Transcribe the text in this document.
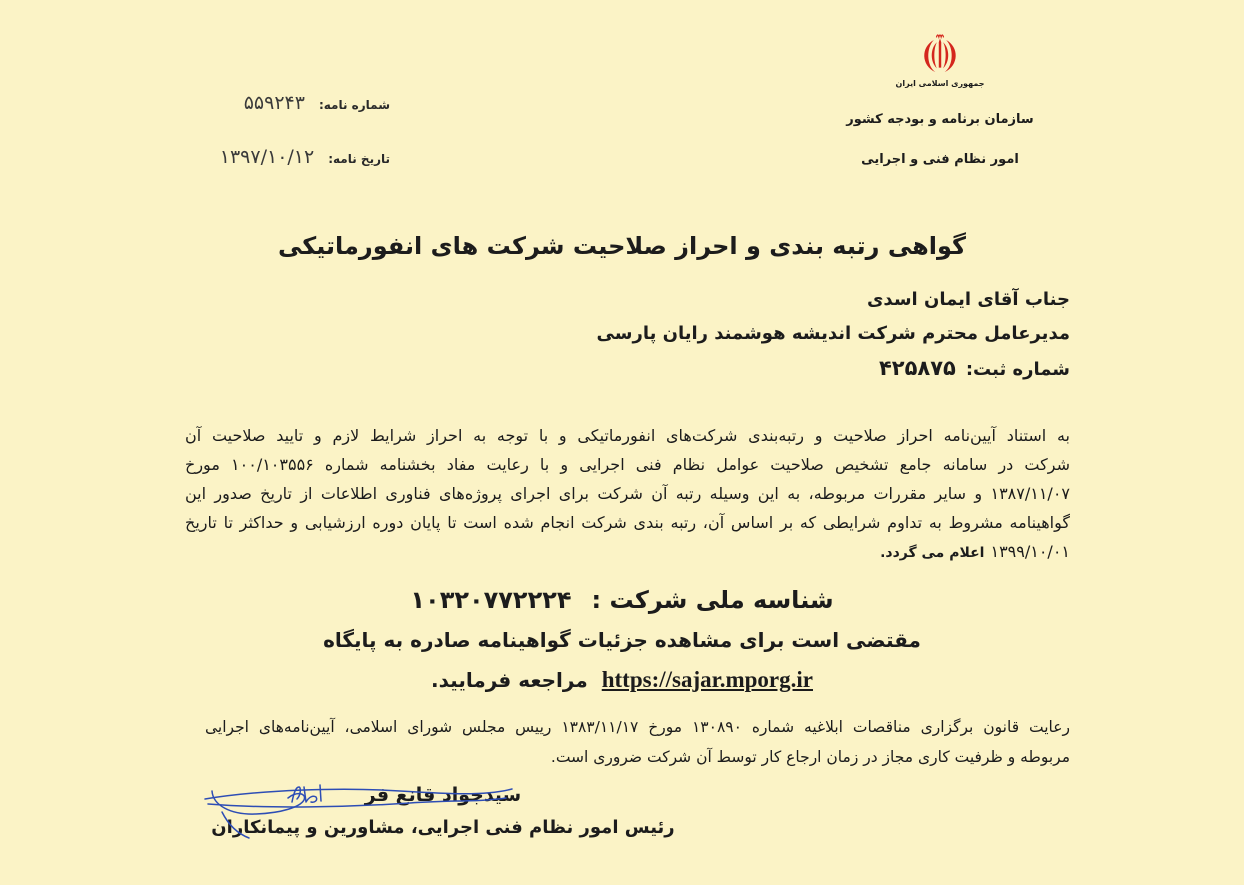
جمهوری اسلامی ایران
سازمان برنامه و بودجه کشور
امور نظام فنی و اجرایی
شماره نامه:
۵۵۹۲۴۳
تاریخ نامه:
۱۳۹۷/۱۰/۱۲
گواهی رتبه بندی و احراز صلاحیت شرکت های انفورماتیکی
جناب آقای ایمان اسدی
مدیرعامل محترم شرکت اندیشه هوشمند رایان پارسی
شماره ثبت:۴۲۵۸۷۵
به استناد آیین‌نامه احراز صلاحیت و رتبه‌بندی شرکت‌های انفورماتیکی و با توجه به احراز شرایط لازم و تایید صلاحیت آن
شرکت در سامانه جامع تشخیص صلاحیت عوامل نظام فنی اجرایی و با رعایت مفاد بخشنامه شماره ۱۰۰/۱۰۳۵۵۶ مورخ
۱۳۸۷/۱۱/۰۷ و سایر مقررات مربوطه، به این وسیله رتبه آن شرکت برای اجرای پروژه‌های فناوری اطلاعات از تاریخ صدور این
گواهینامه مشروط به تداوم شرایطی که بر اساس آن، رتبه بندی شرکت انجام شده است تا پایان دوره ارزشیابی و حداکثر تا تاریخ
۱۳۹۹/۱۰/۰۱اعلام می گردد.
شناسه ملی شرکت :۱۰۳۲۰۷۷۲۲۲۴
مقتضی است برای مشاهده جزئیات گواهینامه صادره به پایگاه
https://sajar.mporg.irمراجعه فرمایید.
رعایت قانون برگزاری مناقصات ابلاغیه شماره ۱۳۰۸۹۰ مورخ ۱۳۸۳/۱۱/۱۷ رییس مجلس شورای اسلامی، آیین‌نامه‌های اجرایی
مربوطه و ظرفیت کاری مجاز در زمان ارجاع کار توسط آن شرکت ضروری است.
سیدجواد قانع فر
رئیس امور نظام فنی اجرایی، مشاورین و پیمانکاران
